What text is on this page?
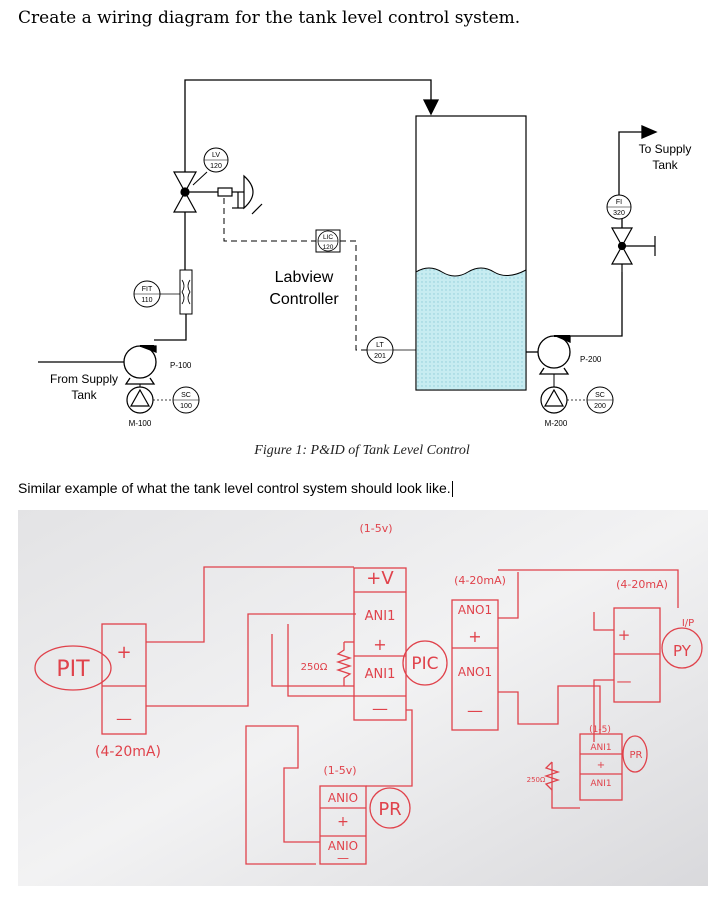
Create a wiring diagram for the tank level control system.
LV
120
FIT
110
P-100
M-100
SC
100
From Supply
Tank
LIC
120
Labview
Controller
LT
201	P-200
M-200
SC
200
FI
320
To Supply
Tank
Figure 1: P&ID of Tank Level Control
Similar example of what the tank level control system should look like.
PIT
+
—
(4-20mA)
(1-5v)
+V
ANI1
+
ANI1
—
250Ω	PIC
(4-20mA)
ANO1
+
ANO1
—
(4-20mA)
+
—
PY
I/P
(1-5v)
ANIO
+
ANIO
—
PR
(1-5)
ANI1
+
ANI1
PR
250Ω
